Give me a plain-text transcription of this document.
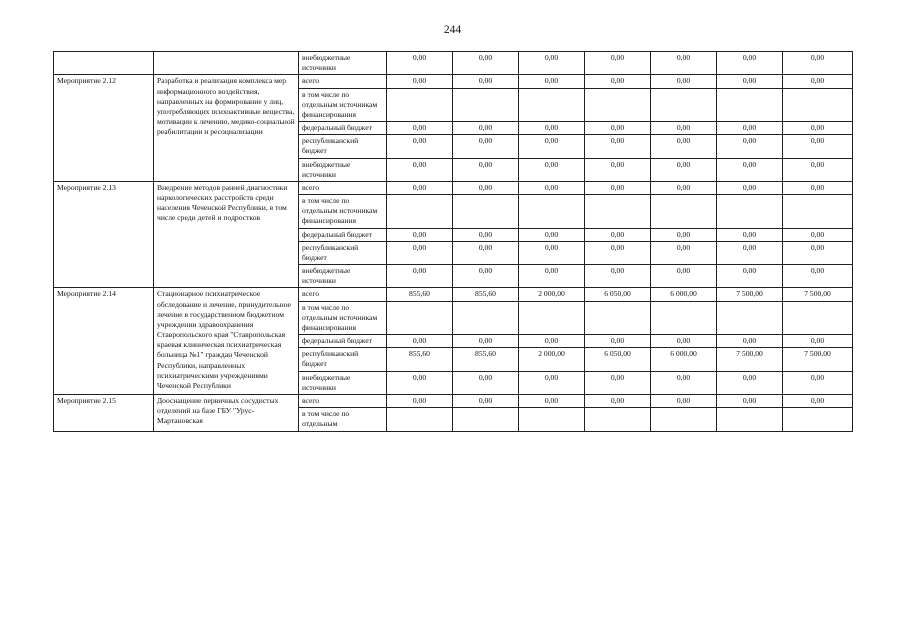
244
		внебюджетные источники	0,00	0,00	0,00	0,00	0,00	0,00	0,00
Мероприятие 2.12	Разработка и реализация комплекса мер информационного воздействия, направленных на формирование у лиц, употребляющих психоактивные вещества, мотивации к лечению, медико-социальной реабилитации и ресоциализации	всего	0,00	0,00	0,00	0,00	0,00	0,00	0,00
		в том числе по отдельным источникам финансирования							
		федеральный бюджет	0,00	0,00	0,00	0,00	0,00	0,00	0,00
		республиканский бюджет	0,00	0,00	0,00	0,00	0,00	0,00	0,00
		внебюджетные источники	0,00	0,00	0,00	0,00	0,00	0,00	0,00
Мероприятие 2.13	Внедрение методов ранней диагностики наркологических расстройств среди населения Чеченской Республики, в том числе среди детей и подростков	всего	0,00	0,00	0,00	0,00	0,00	0,00	0,00
		в том числе по отдельным источникам финансирования							
		федеральный бюджет	0,00	0,00	0,00	0,00	0,00	0,00	0,00
		республиканский бюджет	0,00	0,00	0,00	0,00	0,00	0,00	0,00
		внебюджетные источники	0,00	0,00	0,00	0,00	0,00	0,00	0,00
Мероприятие 2.14	Стационарное психиатрическое обследование и лечение, принудительное лечение в государственном бюджетном учреждении здравоохранения Ставропольского края "Ставропольская краевая клиническая психиатрическая больница №1" граждан Чеченской Республики, направленных психиатрическими учреждениями Чеченской Республики	всего	855,60	855,60	2 000,00	6 050,00	6 000,00	7 500,00	7 500,00
		в том числе по отдельным источникам финансирования							
		федеральный бюджет	0,00	0,00	0,00	0,00	0,00	0,00	0,00
		республиканский бюджет	855,60	855,60	2 000,00	6 050,00	6 000,00	7 500,00	7 500,00
		внебюджетные источники	0,00	0,00	0,00	0,00	0,00	0,00	0,00
Мероприятие 2.15	Дооснащение первичных сосудистых отделений на базе ГБУ "Урус-Мартановская	всего	0,00	0,00	0,00	0,00	0,00	0,00	0,00
		в том числе по отдельным							
